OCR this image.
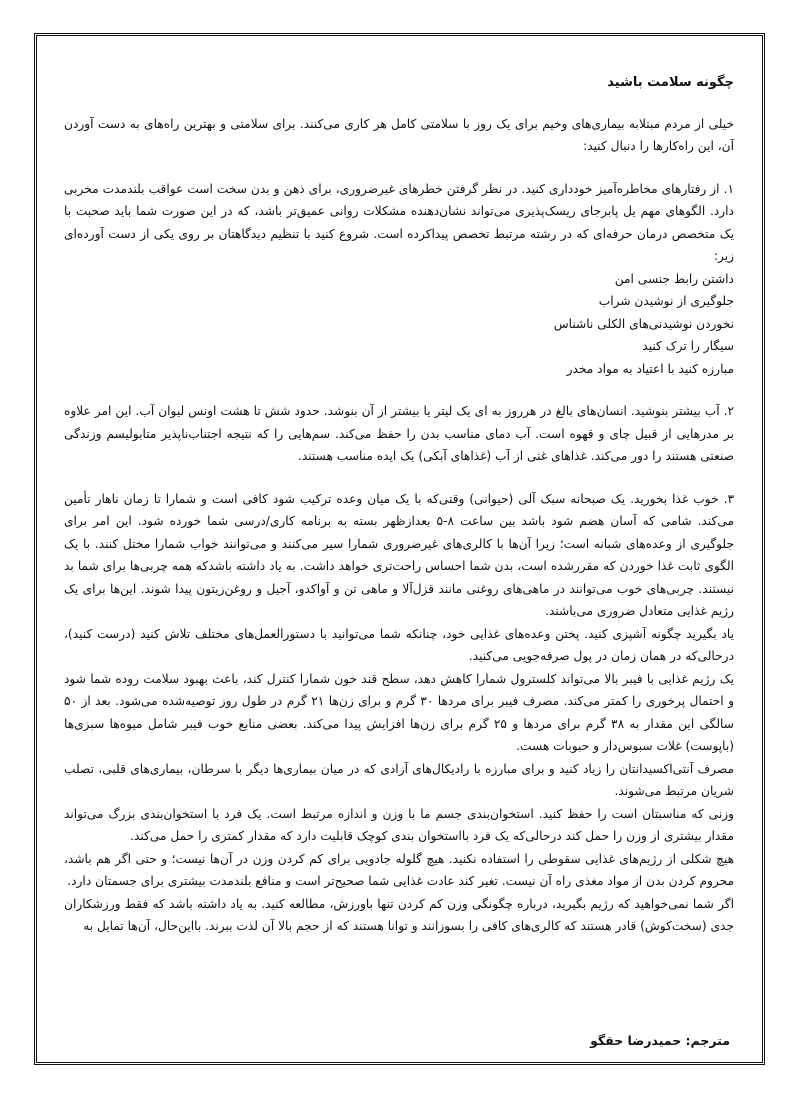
چگونه سلامت باشید

خیلی از مردم مبتلابه بیماری‌های وخیم برای یک روز با سلامتی کامل هر کاری می‌کنند. برای سلامتی و بهترین راه‌های به دست آوردن آن، این راه‌کارها را دنبال کنید:

۱. از رفتارهای مخاطره‌آمیز خودداری کنید. در نظر گرفتن خطرهای غیرضروری، برای ذهن و بدن سخت است عواقب بلندمدت مخربی دارد. الگوهای مهم یل پابرجای ریسک‌پذیری می‌تواند نشان‌دهنده مشکلات روانی عمیق‌تر باشد، که در این صورت شما باید صحبت با یک متخصص درمان حرفه‌ای که در رشته مرتبط تخصص پیداکرده است. شروع کنید با تنظیم دیدگاهتان بر روی یکی از دست آورده‌ای زیر:

داشتن رابط جنسی امن
جلوگیری از نوشیدن شراب
نخوردن نوشیدنی‌های الکلی ناشناس
سیگار را ترک کنید
مبارزه کنید با اعتیاد به مواد مخدر

۲. آب بیشتر بنوشید. انسان‌های بالغ در هرروز به ای یک لیتر یا بیشتر از آن بنوشد. حدود شش تا هشت اونس لیوان آب. این امر علاوه بر مدرهایی از قبیل چای و قهوه است. آب دمای مناسب بدن را حفظ می‌کند. سم‌هایی را که نتیجه اجتناب‌ناپذیر متابولیسم وزندگی صنعتی هستند را دور می‌کند. غذاهای غنی از آب (غذاهای آبکی) یک ایده مناسب هستند.

۳. خوب غذا بخورید. یک صبحانه سبک آلی (حیوانی) وقتی‌که با یک میان وعده ترکیب شود کافی است و شمارا تا زمان ناهار تأمین می‌کند. شامی که آسان هضم شود باشد بین ساعت ۸-۵ بعدازظهر بسته به برنامه کاری/درسی شما خورده شود. این امر برای جلوگیری از وعده‌های شبانه است؛ زیرا آن‌ها با کالری‌های غیرضروری شمارا سیر می‌کنند و می‌توانند خواب شمارا مختل کنند. با یک الگوی ثابت غذا خوردن که مقررشده است، بدن شما احساس راحت‌تری خواهد داشت. به یاد داشته باشدکه همه چربی‌ها برای شما بد نیستند. چربی‌های خوب می‌توانند در ماهی‌های روغنی مانند قزل‌آلا و ماهی تن و آواکدو، آجیل و روغن‌زیتون پیدا شوند. این‌ها برای یک رژیم غذایی متعادل ضروری می‌باشند.

یاد بگیرید چگونه آشپزی کنید. پختن وعده‌های غذایی خود، چنانکه شما می‌توانید با دستورالعمل‌های مختلف تلاش کنید (درست کنید)، درحالی‌که در همان زمان در پول صرفه‌جویی می‌کنید.

یک رژیم غذایی با فیبر بالا می‌تواند کلسترول شمارا کاهش دهد، سطح قند خون شمارا کنترل کند، باعث بهبود سلامت روده شما شود و احتمال پرخوری را کمتر می‌کند. مصرف فیبر برای مردها ۳۰ گرم و برای زن‌ها ۲۱ گرم در طول روز توصیه‌شده می‌شود. بعد از ۵۰ سالگی این مقدار به ۳۸ گرم برای مردها و ۲۵ گرم برای زن‌ها افزایش پیدا می‌کند. بعضی منابع خوب فیبر شامل میوه‌ها سبزی‌ها (باپوست) غلات سبوس‌دار و حبوبات هست.

مصرف آنتی‌اکسیدانتان را زیاد کنید و برای مبارزه با رادیکال‌های آزادی که در میان بیماری‌ها دیگر با سرطان، بیماری‌های قلبی، تصلب شریان مرتبط می‌شوند.

وزنی که مناسبتان است را حفظ کنید. استخوان‌بندی جسم ما با وزن و اندازه مرتبط است. یک فرد با استخوان‌بندی بزرگ می‌تواند مقدار بیشتری از وزن را حمل کند درحالی‌که یک فرد بااستخوان بندی کوچک قابلیت دارد که مقدار کمتری را حمل می‌کند.

هیچ شکلی از رژیم‌های غذایی سقوطی را استفاده نکنید. هیچ گلوله جادویی برای کم کردن وزن در آن‌ها نیست؛ و حتی اگر هم باشد، محروم کردن بدن از مواد مغذی راه آن نیست. تغیر کند عادت غذایی شما صحیح‌تر است و منافع بلندمدت بیشتری برای جسمتان دارد.

اگر شما نمی‌خواهید که رژیم بگیرید، درباره چگونگی وزن کم کردن تنها باورزش، مطالعه کنید. به یاد داشته باشد که فقط ورزشکاران جدی (سخت‌کوش) قادر هستند که کالری‌های کافی را بسوزانند و توانا هستند که از حجم بالا آن لذت ببرند. بااین‌حال، آن‌ها تمایل به

مترجم: حمیدرضا حقگو
